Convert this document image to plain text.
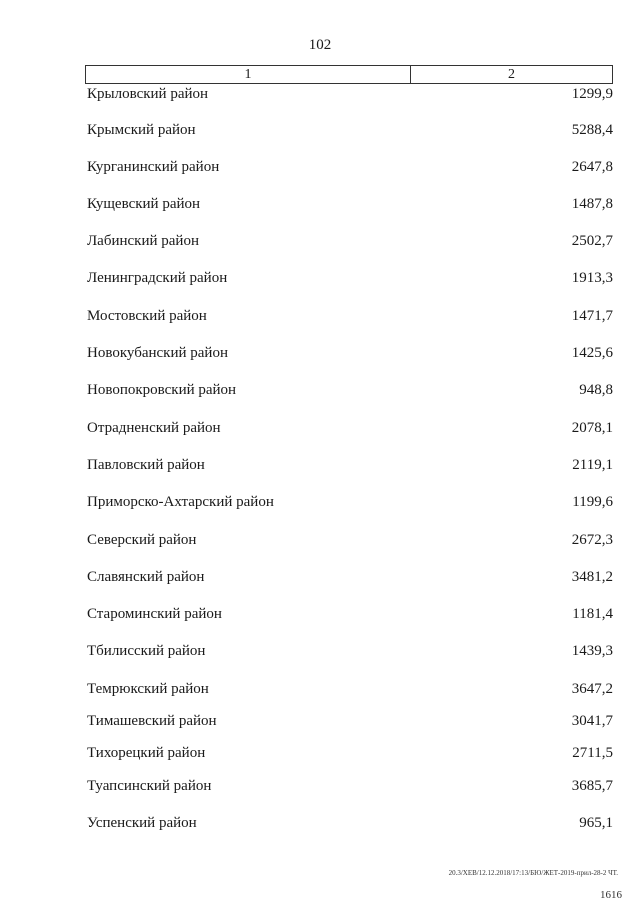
102
1	2
Крыловский район	1299,9
Крымский район	5288,4
Курганинский район	2647,8
Кущевский район	1487,8
Лабинский район	2502,7
Ленинградский район	1913,3
Мостовский район	1471,7
Новокубанский район	1425,6
Новопокровский район	948,8
Отрадненский район	2078,1
Павловский район	2119,1
Приморско-Ахтарский район	1199,6
Северский район	2672,3
Славянский район	3481,2
Староминский район	1181,4
Тбилисский район	1439,3
Темрюкский район	3647,2
Тимашевский район	3041,7
Тихорецкий район	2711,5
Туапсинский район	3685,7
Успенский район	965,1
20.3/XEB/12.12.2018/17:13/БЮ/ЖЕТ-2019-прил-28-2 ЧТ.
1616
